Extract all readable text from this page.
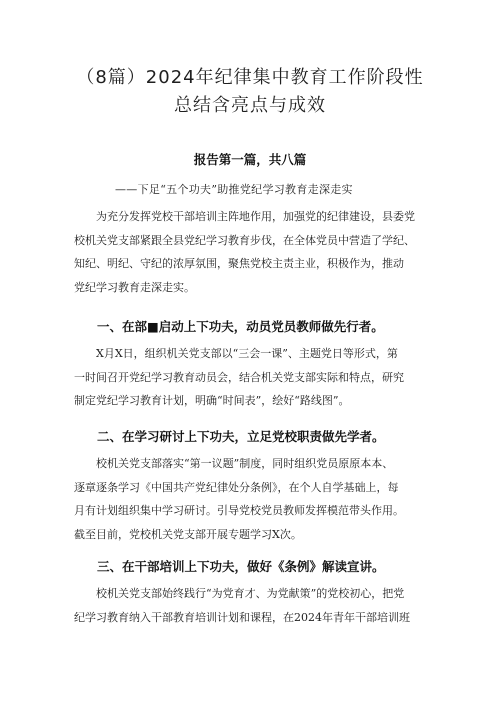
（8篇）2024年纪律集中教育工作阶段性
总结含亮点与成效
报告第一篇，共八篇
——下足“五个功夫”助推党纪学习教育走深走实
为充分发挥党校干部培训主阵地作用，加强党的纪律建设，县委党
校机关党支部紧跟全县党纪学习教育步伐，在全体党员中营造了学纪、
知纪、明纪、守纪的浓厚氛围，聚焦党校主责主业，积极作为，推动
党纪学习教育走深走实。
一、在部■启动上下功夫，动员党员教师做先行者。
X月X日，组织机关党支部以“三会一课”、主题党日等形式，第
一时间召开党纪学习教育动员会，结合机关党支部实际和特点，研究
制定党纪学习教育计划，明确“时间表”，绘好“路线图”。
二、在学习研讨上下功夫，立足党校职责做先学者。
校机关党支部落实“第一议题”制度，同时组织党员原原本本、
逐章逐条学习《中国共产党纪律处分条例》，在个人自学基础上，每
月有计划组织集中学习研讨。引导党校党员教师发挥模范带头作用。
截至目前，党校机关党支部开展专题学习X次。
三、在干部培训上下功夫，做好《条例》解读宣讲。
校机关党支部始终践行“为党育才、为党献策”的党校初心，把党
纪学习教育纳入干部教育培训计划和课程，在2024年青年干部培训班
